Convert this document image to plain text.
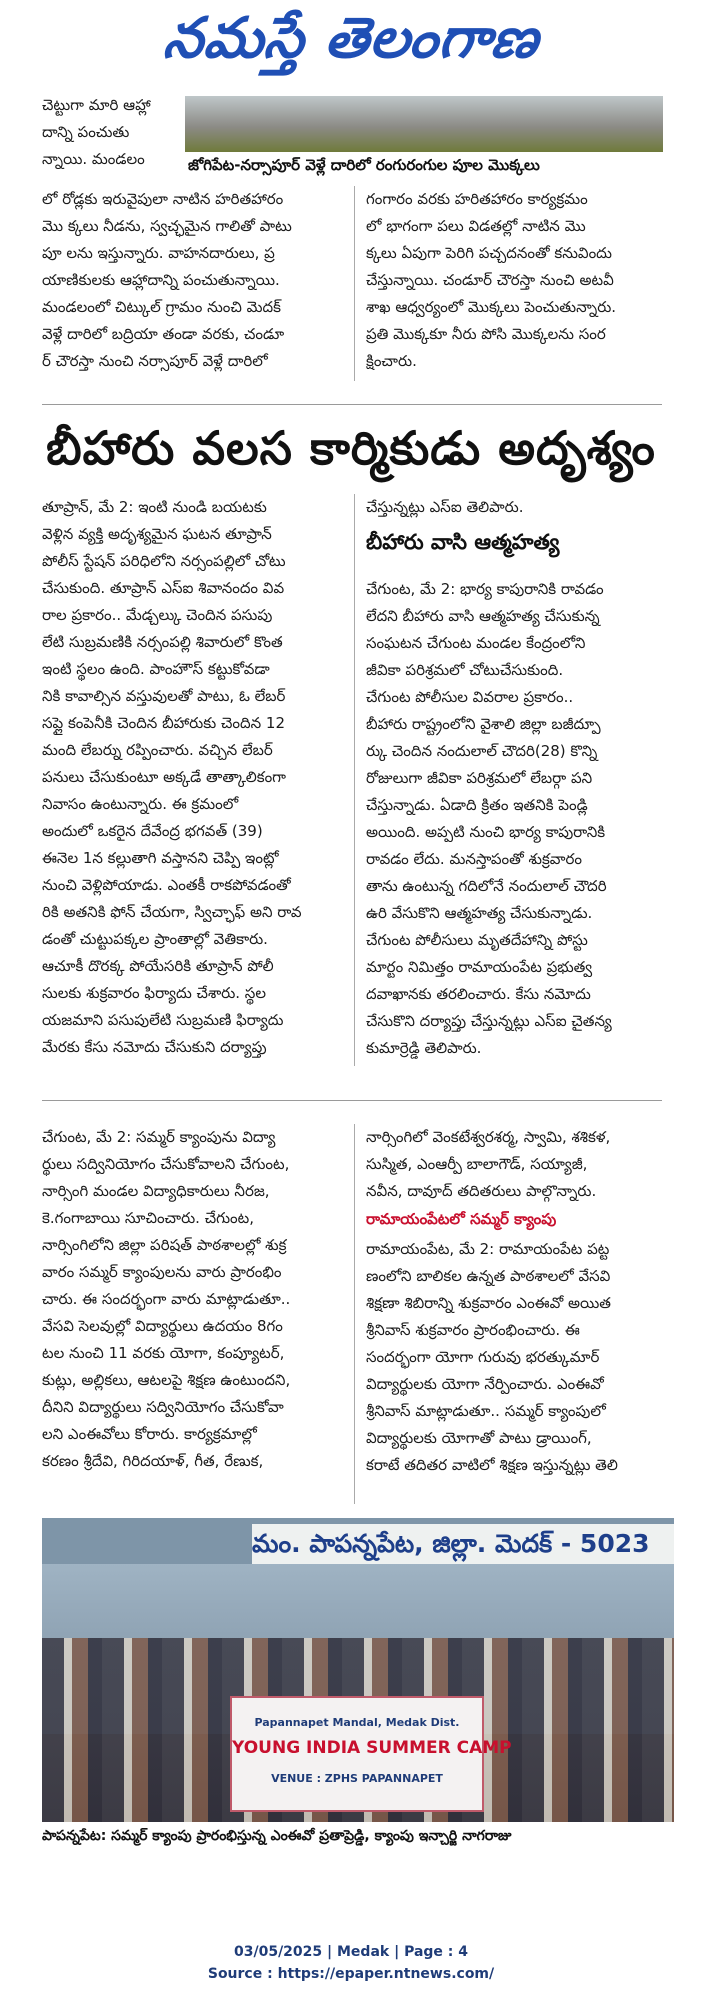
నమస్తే తెలంగాణ

చెట్టుగా మారి ఆహ్లా

దాన్ని పంచుతు

న్నాయి. మండలం	జోగిపేట-నర్సాపూర్ వెళ్లే దారిలో రంగురంగుల పూల మొక్కలు

లో రోడ్లకు ఇరువైపులా నాటిన హరితహారం

మొ క్కలు నీడను, స్వచ్ఛమైన గాలితో పాటు

పూ లను ఇస్తున్నారు. వాహనదారులు, ప్ర

యాణికులకు ఆహ్లాదాన్ని పంచుతున్నాయి.

మండలంలో చిట్కుల్ గ్రామం నుంచి మెదక్

వెళ్లే దారిలో బద్రియా తండా వరకు, చండూ

ర్ చౌరస్తా నుంచి నర్సాపూర్ వెళ్లే దారిలో

గంగారం వరకు హరితహారం కార్యక్రమం

లో భాగంగా పలు విడతల్లో నాటిన మొ

క్కలు ఏపుగా పెరిగి పచ్చదనంతో కనువిందు

చేస్తున్నాయి. చండూర్ చౌరస్తా నుంచి అటవీ

శాఖ ఆధ్వర్యంలో మొక్కలు పెంచుతున్నారు.

ప్రతి మొక్కకూ నీరు పోసి మొక్కలను సంర

క్షించారు.

బీహారు వలస కార్మికుడు అదృశ్యం

తూప్రాన్, మే 2: ఇంటి నుండి బయటకు

వెళ్లిన వ్యక్తి అదృశ్యమైన ఘటన తూప్రాన్

పోలీస్ స్టేషన్ పరిధిలోని నర్సంపల్లిలో చోటు

చేసుకుంది. తూప్రాన్ ఎస్ఐ శివానందం వివ

రాల ప్రకారం.. మేడ్చల్కు చెందిన పసుపు

లేటి సుబ్రమణికి నర్సంపల్లి శివారులో కొంత

ఇంటి స్థలం ఉంది. పాంహౌస్ కట్టుకోవడా

నికి కావాల్సిన వస్తువులతో పాటు, ఓ లేబర్

సప్లై కంపెనీకి చెందిన బీహారుకు చెందిన 12

మంది లేబర్ను రప్పించారు. వచ్చిన లేబర్

పనులు చేసుకుంటూ అక్కడే తాత్కాలికంగా

నివాసం ఉంటున్నారు. ఈ క్రమంలో

అందులో ఒకరైన దేవేంద్ర భగవత్ (39)

ఈనెల 1న కల్లుతాగి వస్తానని చెప్పి ఇంట్లో

నుంచి వెళ్లిపోయాడు. ఎంతకీ రాకపోవడంతో

రికి అతనికి ఫోన్ చేయగా, స్విచ్ఛాఫ్ అని రావ

డంతో చుట్టుపక్కల ప్రాంతాల్లో వెతికారు.

ఆచూకీ దొరక్క పోయేసరికి తూప్రాన్ పోలీ

సులకు శుక్రవారం ఫిర్యాదు చేశారు. స్థల

యజమాని పసుపులేటి సుబ్రమణి ఫిర్యాదు

మేరకు కేసు నమోదు చేసుకుని దర్యాప్తు

చేస్తున్నట్లు ఎస్ఐ తెలిపారు.
బీహారు వాసి ఆత్మహత్య

చేగుంట, మే 2: భార్య కాపురానికి రావడం

లేదని బీహారు వాసి ఆత్మహత్య చేసుకున్న

సంఘటన చేగుంట మండల కేంద్రంలోని

జీవికా పరిశ్రమలో చోటుచేసుకుంది.

చేగుంట పోలీసుల వివరాల ప్రకారం..

బీహారు రాష్ట్రంలోని వైశాలి జిల్లా బజీద్పూ

ర్కు చెందిన నందులాల్ చౌదరి(28) కొన్ని

రోజులుగా జీవికా పరిశ్రమలో లేబర్గా పని

చేస్తున్నాడు. ఏడాది క్రితం ఇతనికి పెండ్లి

అయింది. అప్పటి నుంచి భార్య కాపురానికి

రావడం లేదు. మనస్తాపంతో శుక్రవారం

తాను ఉంటున్న గదిలోనే నందులాల్ చౌదరి

ఉరి వేసుకొని ఆత్మహత్య చేసుకున్నాడు.

చేగుంట పోలీసులు మృతదేహాన్ని పోస్టు

మార్టం నిమిత్తం రామాయంపేట ప్రభుత్వ

దవాఖానకు తరలించారు. కేసు నమోదు

చేసుకొని దర్యాప్తు చేస్తున్నట్లు ఎస్ఐ చైతన్య

కుమార్రెడ్డి తెలిపారు.

చేగుంట, మే 2: సమ్మర్ క్యాంపును విద్యా

ర్థులు సద్వినియోగం చేసుకోవాలని చేగుంట,

నార్సింగి మండల విద్యాధికారులు నీరజ,

కె.గంగాబాయి సూచించారు. చేగుంట,

నార్సింగిలోని జిల్లా పరిషత్ పాఠశాలల్లో శుక్ర

వారం సమ్మర్ క్యాంపులను వారు ప్రారంభిం

చారు. ఈ సందర్భంగా వారు మాట్లాడుతూ..

వేసవి సెలవుల్లో విద్యార్థులు ఉదయం 8గం

టల నుంచి 11 వరకు యోగా, కంప్యూటర్,

కుట్లు, అల్లికలు, ఆటలపై శిక్షణ ఉంటుందని,

దీనిని విద్యార్థులు సద్వినియోగం చేసుకోవా

లని ఎంఈవోలు కోరారు. కార్యక్రమాల్లో

కరణం శ్రీదేవి, గిరిదయాళ్, గీత, రేణుక,

నార్సింగిలో వెంకటేశ్వరశర్మ, స్వామి, శశికళ,

సుస్మిత, ఎంఆర్పీ బాలాగౌడ్, సయ్యాజీ,

నవీన, దావూద్ తదితరులు పాల్గొన్నారు.

రామాయంపేటలో సమ్మర్ క్యాంపు

రామాయంపేట, మే 2: రామాయంపేట పట్ట

ణంలోని బాలికల ఉన్నత పాఠశాలలో వేసవి

శిక్షణా శిబిరాన్ని శుక్రవారం ఎంఈవో అయిత

శ్రీనివాస్ శుక్రవారం ప్రారంభించారు. ఈ

సందర్భంగా యోగా గురువు భరత్కుమార్

విద్యార్థులకు యోగా నేర్పించారు. ఎంఈవో

శ్రీనివాస్ మాట్లాడుతూ.. సమ్మర్ క్యాంపులో

విద్యార్థులకు యోగాతో పాటు డ్రాయింగ్,

కరాటే తదితర వాటిలో శిక్షణ ఇస్తున్నట్లు తెలి

మం. పాపన్నపేట, జిల్లా. మెదక్ - 5023
Papannapet Mandal, Medak Dist.
YOUNG INDIA SUMMER CAMP
VENUE : ZPHS PAPANNAPET
పాపన్నపేట: సమ్మర్ క్యాంపు ప్రారంభిస్తున్న ఎంఈవో ప్రతాప్రెడ్డి, క్యాంపు ఇన్చార్జి నాగరాజు
03/05/2025 | Medak | Page : 4
Source : https://epaper.ntnews.com/
